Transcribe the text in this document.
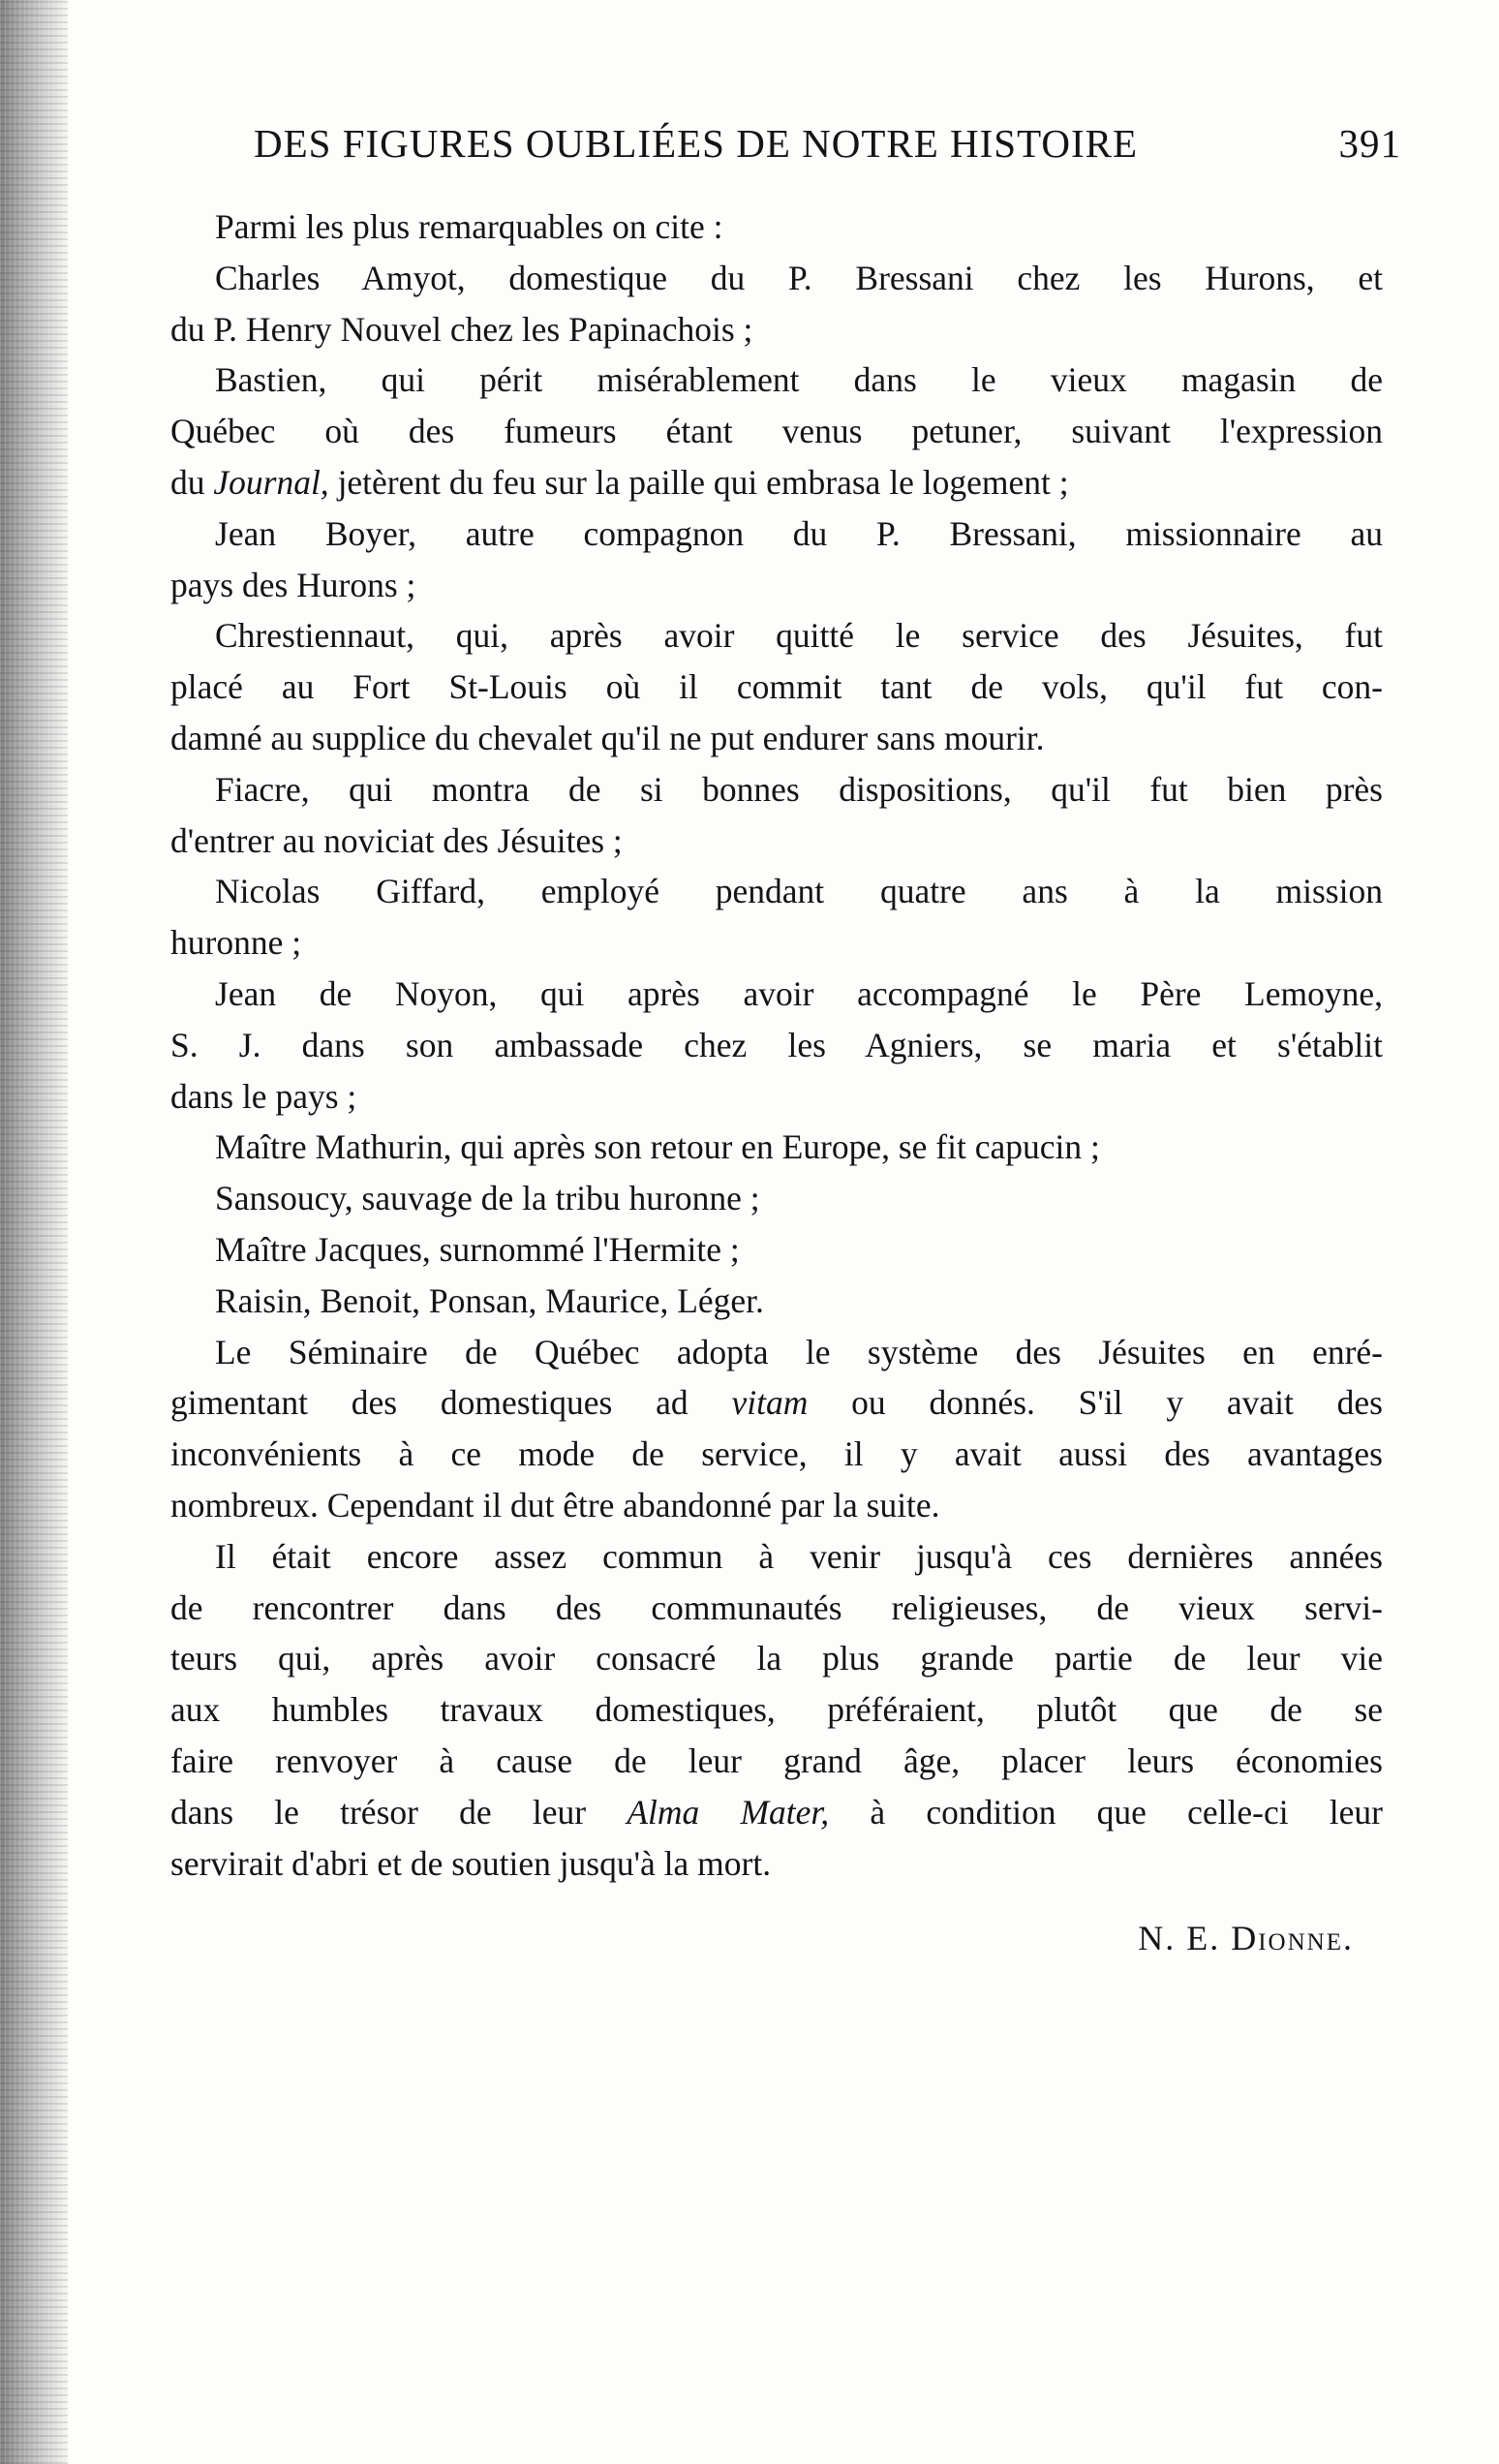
DES FIGURES OUBLIÉES DE NOTRE HISTOIRE	391
Parmi les plus remarquables on cite :
Charles Amyot, domestique du P. Bressani chez les Hurons, et
du P. Henry Nouvel chez les Papinachois ;
Bastien, qui périt misérablement dans le vieux magasin de
Québec où des fumeurs étant venus petuner, suivant l'expression
du Journal, jetèrent du feu sur la paille qui embrasa le logement ;
Jean Boyer, autre compagnon du P. Bressani, missionnaire au
pays des Hurons ;
Chrestiennaut, qui, après avoir quitté le service des Jésuites, fut
placé au Fort St-Louis où il commit tant de vols, qu'il fut con-
damné au supplice du chevalet qu'il ne put endurer sans mourir.
Fiacre, qui montra de si bonnes dispositions, qu'il fut bien près
d'entrer au noviciat des Jésuites ;
Nicolas Giffard, employé pendant quatre ans à la mission
huronne ;
Jean de Noyon, qui après avoir accompagné le Père Lemoyne,
S. J. dans son ambassade chez les Agniers, se maria et s'établit
dans le pays ;
Maître Mathurin, qui après son retour en Europe, se fit capucin ;
Sansoucy, sauvage de la tribu huronne ;
Maître Jacques, surnommé l'Hermite ;
Raisin, Benoit, Ponsan, Maurice, Léger.
Le Séminaire de Québec adopta le système des Jésuites en enré-
gimentant des domestiques ad vitam ou donnés. S'il y avait des
inconvénients à ce mode de service, il y avait aussi des avantages
nombreux. Cependant il dut être abandonné par la suite.
Il était encore assez commun à venir jusqu'à ces dernières années
de rencontrer dans des communautés religieuses, de vieux servi-
teurs qui, après avoir consacré la plus grande partie de leur vie
aux humbles travaux domestiques, préféraient, plutôt que de se
faire renvoyer à cause de leur grand âge, placer leurs économies
dans le trésor de leur Alma Mater, à condition que celle-ci leur
servirait d'abri et de soutien jusqu'à la mort.
N. E. Dionne.
